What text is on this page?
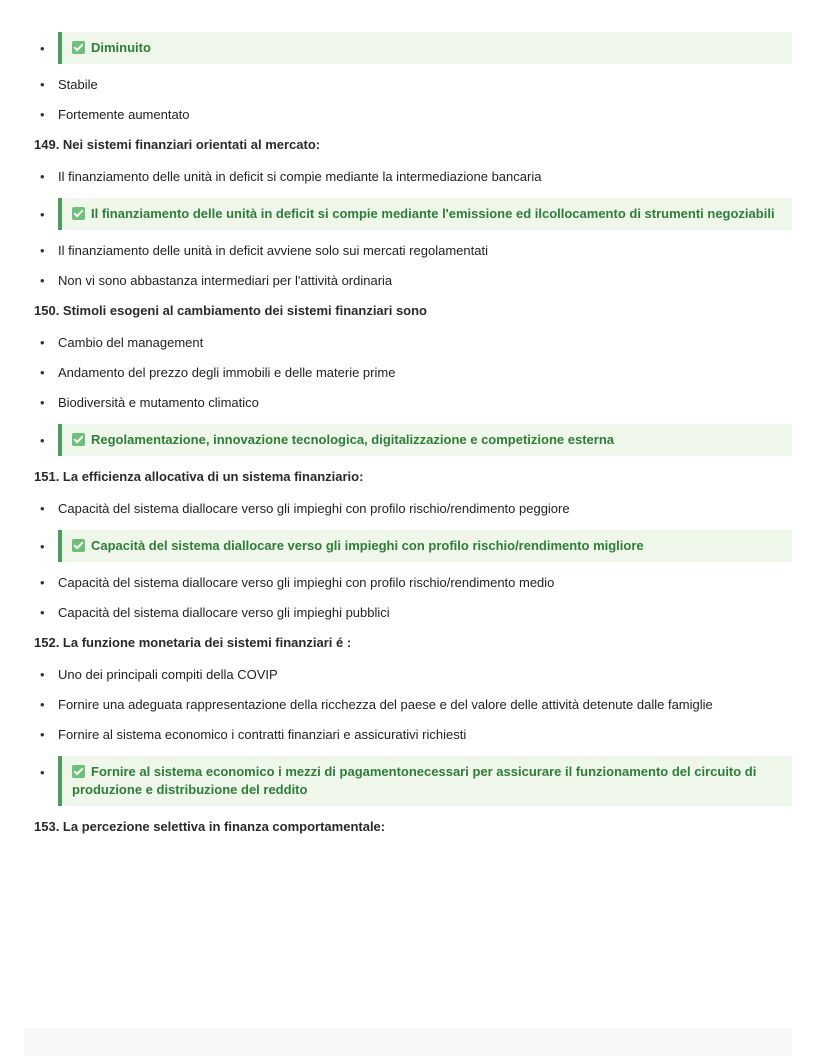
•	Diminuito
• Stabile
• Fortemente aumentato
149. Nei sistemi finanziari orientati al mercato:
• Il finanziamento delle unità in deficit si compie mediante la intermediazione bancaria
•	Il finanziamento delle unità in deficit si compie mediante l'emissione ed ilcollocamento di strumenti negoziabili
• Il finanziamento delle unità in deficit avviene solo sui mercati regolamentati
• Non vi sono abbastanza intermediari per l'attività ordinaria
150. Stimoli esogeni al cambiamento dei sistemi finanziari sono
• Cambio del management
• Andamento del prezzo degli immobili e delle materie prime
• Biodiversità e mutamento climatico
•	Regolamentazione, innovazione tecnologica, digitalizzazione e competizione esterna
151. La efficienza allocativa di un sistema finanziario:
• Capacità del sistema diallocare verso gli impieghi con profilo rischio/rendimento peggiore
•	Capacità del sistema diallocare verso gli impieghi con profilo rischio/rendimento migliore
• Capacità del sistema diallocare verso gli impieghi con profilo rischio/rendimento medio
• Capacità del sistema diallocare verso gli impieghi pubblici
152. La funzione monetaria dei sistemi finanziari é :
• Uno dei principali compiti della COVIP
• Fornire una adeguata rappresentazione della ricchezza del paese e del valore delle attività detenute dalle famiglie
• Fornire al sistema economico i contratti finanziari e assicurativi richiesti
•	Fornire al sistema economico i mezzi di pagamentonecessari per assicurare il funzionamento del circuito di produzione e distribuzione del reddito
153. La percezione selettiva in finanza comportamentale:
